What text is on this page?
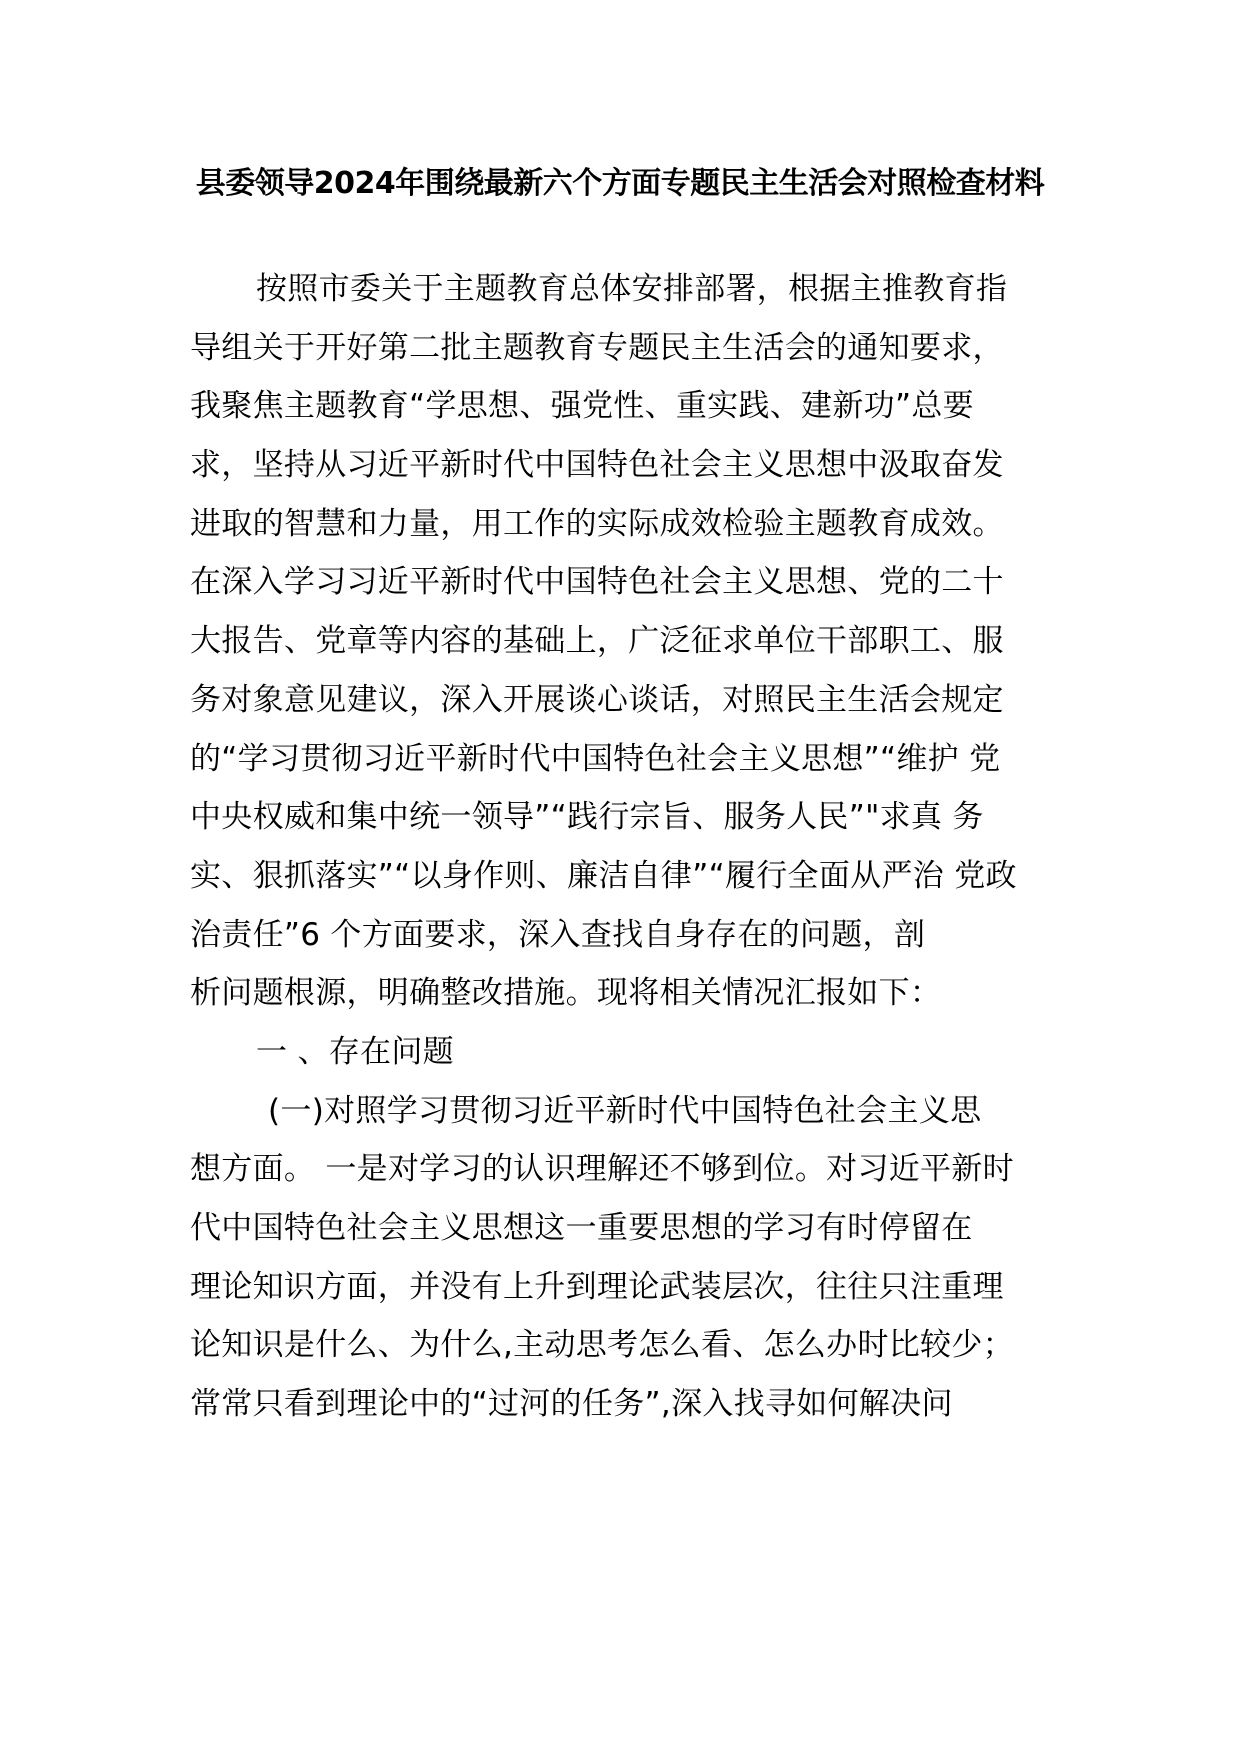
县委领导2024年围绕最新六个方面专题民主生活会对照检查材料
按照市委关于主题教育总体安排部署，根据主推教育指
导组关于开好第二批主题教育专题民主生活会的通知要求，
我聚焦主题教育“学思想、强党性、重实践、建新功”总要
求，坚持从习近平新时代中国特色社会主义思想中汲取奋发
进取的智慧和力量，用工作的实际成效检验主题教育成效。
在深入学习习近平新时代中国特色社会主义思想、党的二十
大报告、党章等内容的基础上，广泛征求单位干部职工、服
务对象意见建议，深入开展谈心谈话，对照民主生活会规定
的“学习贯彻习近平新时代中国特色社会主义思想”“维护 党
中央权威和集中统一领导”“践行宗旨、服务人民”"求真 务
实、狠抓落实”“以身作则、廉洁自律”“履行全面从严治 党政
治责任”6 个方面要求，深入查找自身存在的问题，剖
析问题根源，明确整改措施。现将相关情况汇报如下：
一 、存在问题
(一)对照学习贯彻习近平新时代中国特色社会主义思
想方面。 一是对学习的认识理解还不够到位。对习近平新时
代中国特色社会主义思想这一重要思想的学习有时停留在
理论知识方面，并没有上升到理论武装层次，往往只注重理
论知识是什么、为什么,主动思考怎么看、怎么办时比较少；
常常只看到理论中的“过河的任务”,深入找寻如何解决问
